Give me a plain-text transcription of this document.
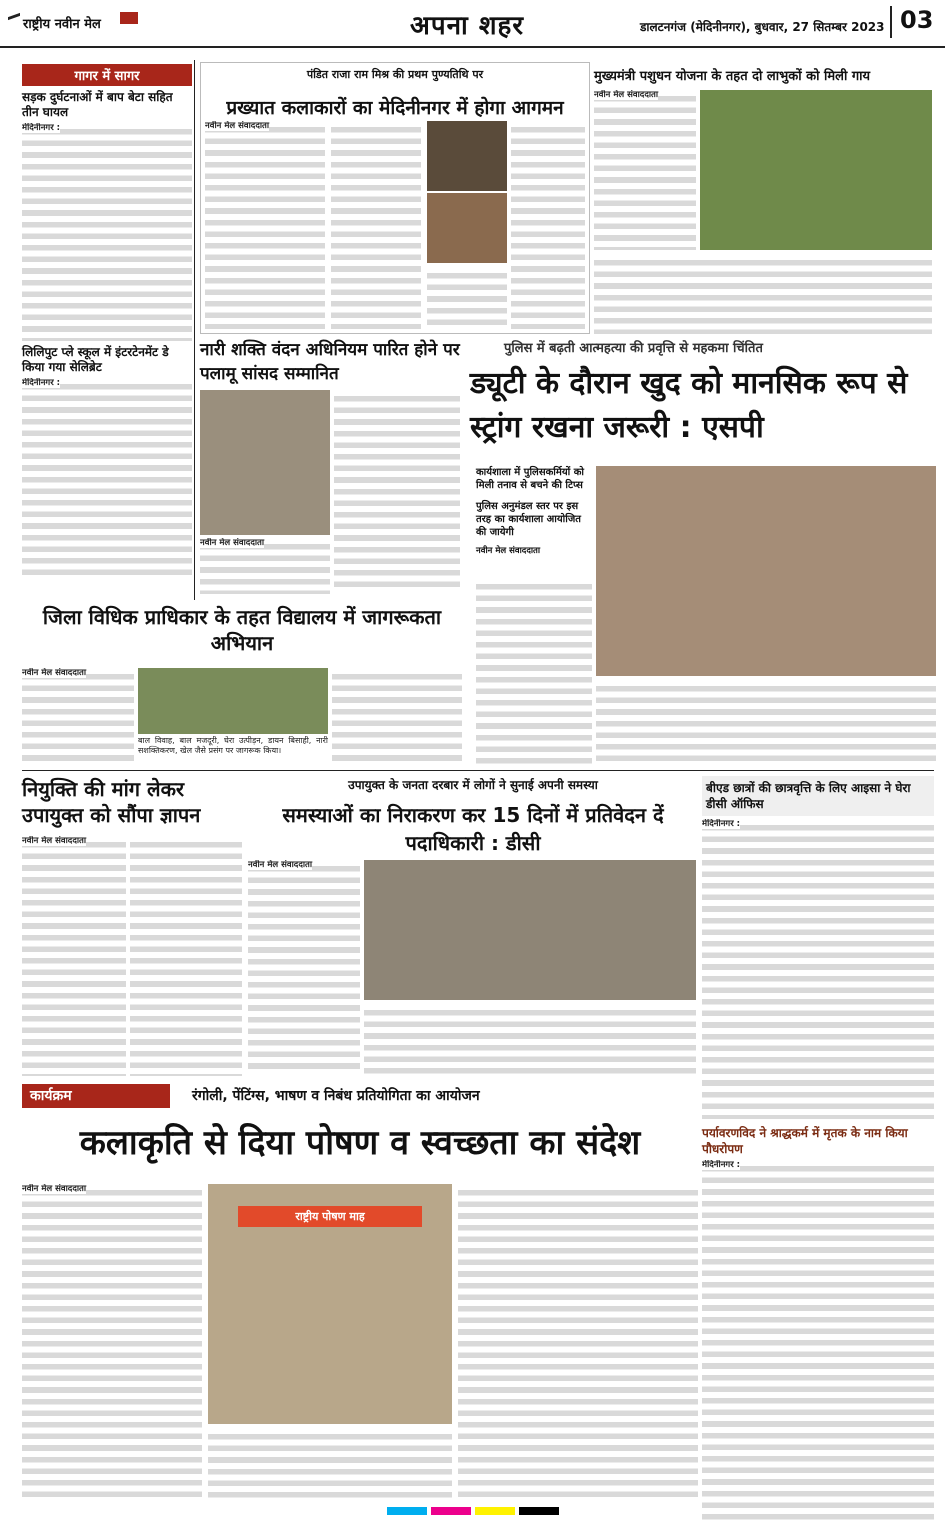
राष्ट्रीय नवीन मेल	अपना शहर	डालटनगंज (मेदिनीनगर), बुधवार, 27 सितम्बर 2023 03
गागर में सागर
सड़क दुर्घटनाओं में बाप बेटा सहित तीन घायल
मेदिनीनगर :
लिलिपुट प्ले स्कूल में इंटरटेनमेंट डे किया गया सेलिब्रेट
मेदिनीनगर :
पंडित राजा राम मिश्र की प्रथम पुण्यतिथि पर
प्रख्यात कलाकारों का मेदिनीनगर में होगा आगमन
नवीन मेल संवाददाता
मुख्यमंत्री पशुधन योजना के तहत दो लाभुकों को मिली गाय
नवीन मेल संवाददाता
नारी शक्ति वंदन अधिनियम पारित होने पर पलामू सांसद सम्मानित
नवीन मेल संवाददाता
पुलिस में बढ़ती आत्महत्या की प्रवृत्ति से महकमा चिंतित
ड्यूटी के दौरान खुद को मानसिक रूप से स्ट्रांग रखना जरूरी : एसपी
कार्यशाला में पुलिसकर्मियों को मिली तनाव से बचने की टिप्स
पुलिस अनुमंडल स्तर पर इस तरह का कार्यशाला आयोजित की जायेगी
नवीन मेल संवाददाता
जिला विधिक प्राधिकार के तहत विद्यालय में जागरूकता अभियान
नवीन मेल संवाददाता
बाल विवाह, बाल मजदूरी, घेरा उत्पीड़न, डायन बिसाही, नारी सशक्तिकरण, खेल जैसे प्रसंग पर जागरूक किया।
नियुक्ति की मांग लेकर उपायुक्त को सौंपा ज्ञापन
नवीन मेल संवाददाता
उपायुक्त के जनता दरबार में लोगों ने सुनाई अपनी समस्या
समस्याओं का निराकरण कर 15 दिनों में प्रतिवेदन दें पदाधिकारी : डीसी
नवीन मेल संवाददाता
बीएड छात्रों की छात्रवृत्ति के लिए आइसा ने घेरा डीसी ऑफिस
मेदिनीनगर :
पर्यावरणविद ने श्राद्धकर्म में मृतक के नाम किया पौधरोपण
मेदिनीनगर :
कार्यक्रम	रंगोली, पेंटिंग्स, भाषण व निबंध प्रतियोगिता का आयोजन
कलाकृति से दिया पोषण व स्वच्छता का संदेश
नवीन मेल संवाददाता
राष्ट्रीय पोषण माह
